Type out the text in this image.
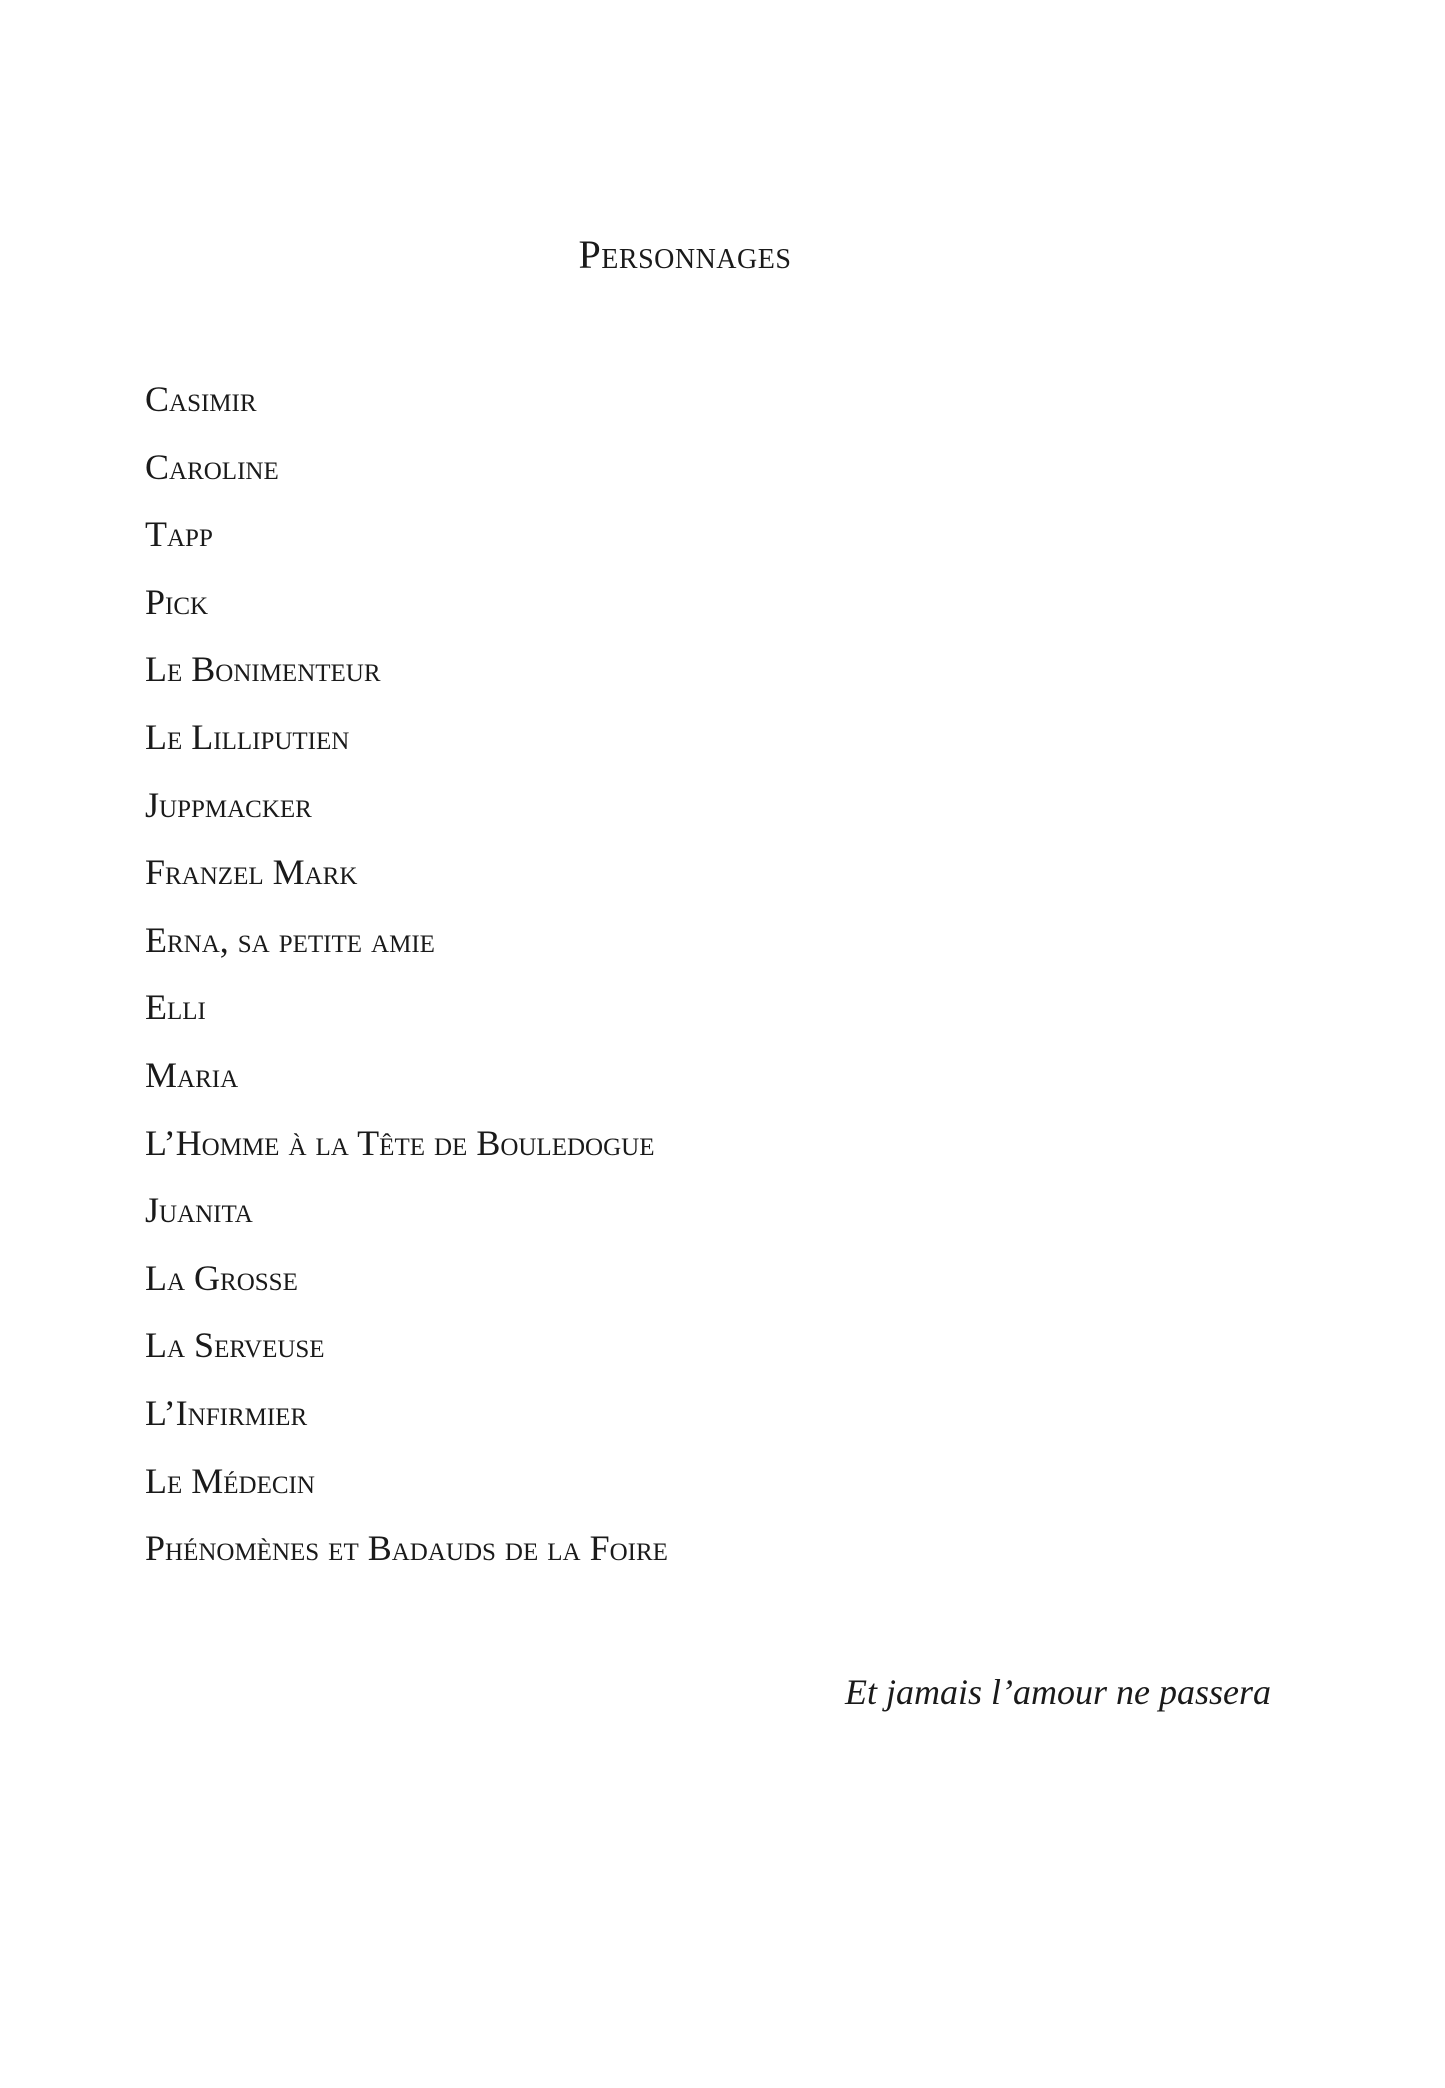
Personnages
Casimir
Caroline
Tapp
Pick
Le Bonimenteur
Le Lilliputien
Juppmacker
Franzel Mark
Erna, sa petite amie
Elli
Maria
L’Homme à la Tête de Bouledogue
Juanita
La Grosse
La Serveuse
L’Infirmier
Le Médecin
Phénomènes et Badauds de la Foire
Et jamais l’amour ne passera
